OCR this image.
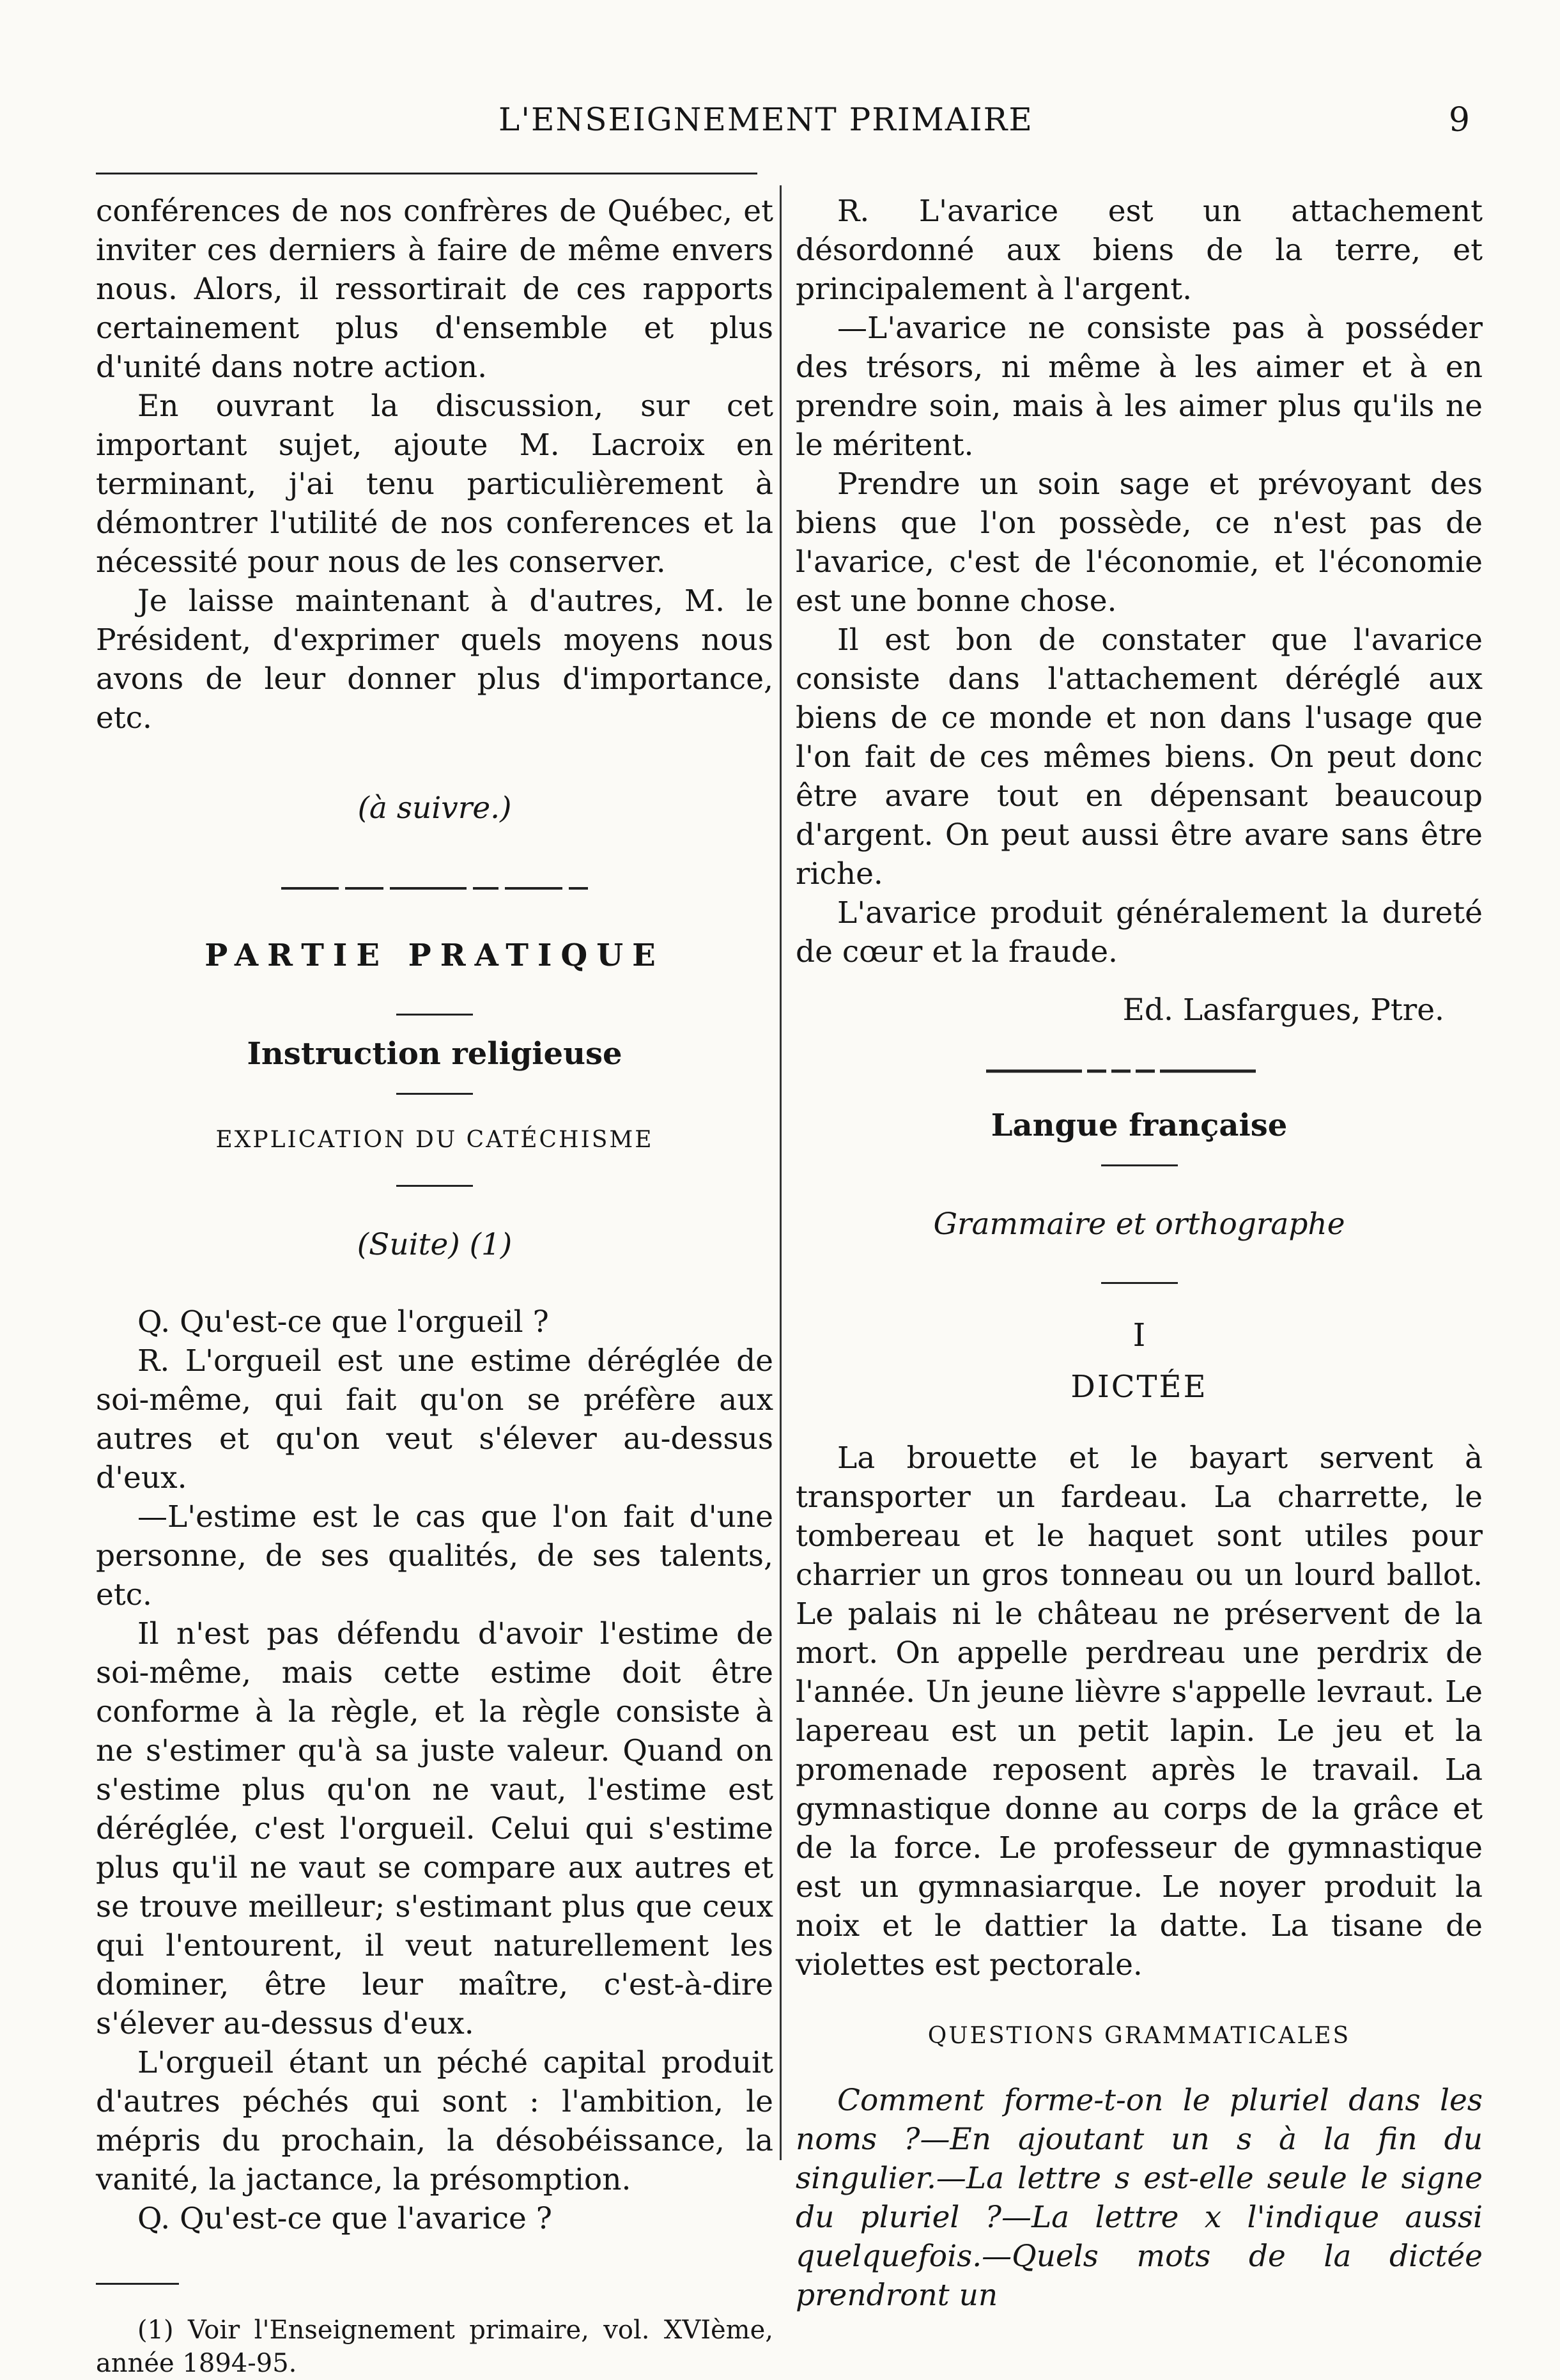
L'ENSEIGNEMENT PRIMAIRE	9

conférences de nos confrères de Québec, et inviter ces derniers à faire de même envers nous. Alors, il ressortirait de ces rapports certainement plus d'ensemble et plus d'unité dans notre action.

En ouvrant la discussion, sur cet important sujet, ajoute M. Lacroix en terminant, j'ai tenu particulièrement à démontrer l'utilité de nos conferences et la nécessité pour nous de les conserver.

Je laisse maintenant à d'autres, M. le Président, d'exprimer quels moyens nous avons de leur donner plus d'importance, etc.

(à suivre.)

PARTIE PRATIQUE

Instruction religieuse

EXPLICATION DU CATÉCHISME

(Suite) (1)

Q. Qu'est-ce que l'orgueil ?

R. L'orgueil est une estime déréglée de soi-même, qui fait qu'on se préfère aux autres et qu'on veut s'élever au-dessus d'eux.

—L'estime est le cas que l'on fait d'une personne, de ses qualités, de ses talents, etc.

Il n'est pas défendu d'avoir l'estime de soi-même, mais cette estime doit être conforme à la règle, et la règle consiste à ne s'estimer qu'à sa juste valeur. Quand on s'estime plus qu'on ne vaut, l'estime est déréglée, c'est l'orgueil. Celui qui s'estime plus qu'il ne vaut se compare aux autres et se trouve meilleur; s'estimant plus que ceux qui l'entourent, il veut naturellement les dominer, être leur maître, c'est-à-dire s'élever au-dessus d'eux.

L'orgueil étant un péché capital produit d'autres péchés qui sont : l'ambition, le mépris du prochain, la désobéissance, la vanité, la jactance, la présomption.

Q. Qu'est-ce que l'avarice ?

(1) Voir l'Enseignement primaire, vol. XVIème, année 1894-95.

R. L'avarice est un attachement désordonné aux biens de la terre, et principalement à l'argent.

—L'avarice ne consiste pas à posséder des trésors, ni même à les aimer et à en prendre soin, mais à les aimer plus qu'ils ne le méritent.

Prendre un soin sage et prévoyant des biens que l'on possède, ce n'est pas de l'avarice, c'est de l'économie, et l'économie est une bonne chose.

Il est bon de constater que l'avarice consiste dans l'attachement déréglé aux biens de ce monde et non dans l'usage que l'on fait de ces mêmes biens. On peut donc être avare tout en dépensant beaucoup d'argent. On peut aussi être avare sans être riche.

L'avarice produit généralement la dureté de cœur et la fraude.

Ed. Lasfargues, Ptre.

Langue française

Grammaire et orthographe

I

DICTÉE

La brouette et le bayart servent à transporter un fardeau. La charrette, le tombereau et le haquet sont utiles pour charrier un gros tonneau ou un lourd ballot. Le palais ni le château ne préservent de la mort. On appelle perdreau une perdrix de l'année. Un jeune lièvre s'appelle levraut. Le lapereau est un petit lapin. Le jeu et la promenade reposent après le travail. La gymnastique donne au corps de la grâce et de la force. Le professeur de gymnastique est un gymnasiarque. Le noyer produit la noix et le dattier la datte. La tisane de violettes est pectorale.

QUESTIONS GRAMMATICALES

Comment forme-t-on le pluriel dans les noms ?—En ajoutant un s à la fin du singulier.—La lettre s est-elle seule le signe du pluriel ?—La lettre x l'indique aussi quelquefois.—Quels mots de la dictée prendront un
